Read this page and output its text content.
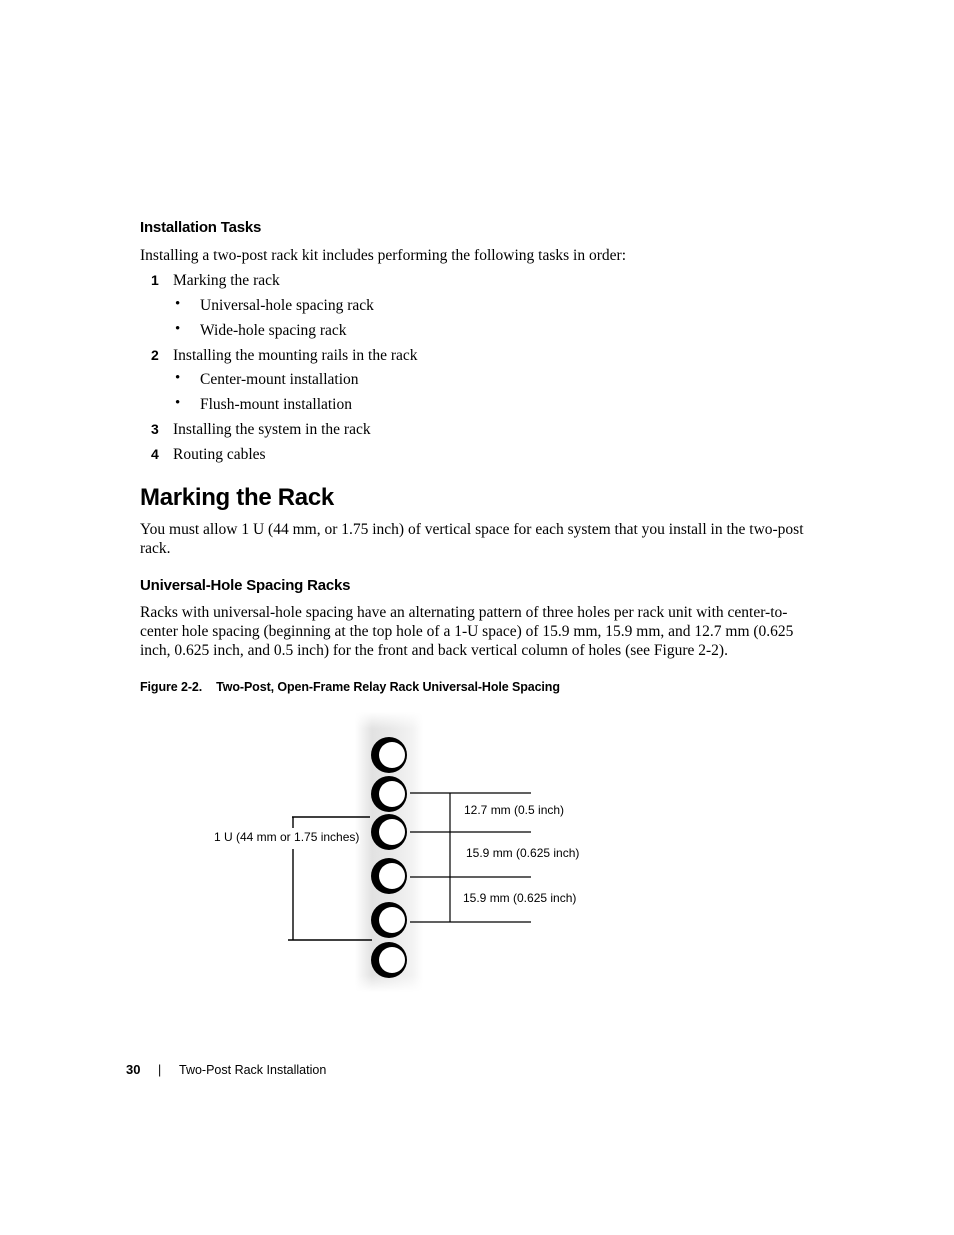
Installation Tasks
Installing a two-post rack kit includes performing the following tasks in order:
1 Marking the rack
• Universal-hole spacing rack
• Wide-hole spacing rack
2 Installing the mounting rails in the rack
• Center-mount installation
• Flush-mount installation
3 Installing the system in the rack
4 Routing cables
Marking the Rack
You must allow 1 U (44 mm, or 1.75 inch) of vertical space for each system that you install in the two-post rack.
Universal-Hole Spacing Racks
Racks with universal-hole spacing have an alternating pattern of three holes per rack unit with center-to-center hole spacing (beginning at the top hole of a 1-U space) of 15.9 mm, 15.9 mm, and 12.7 mm (0.625 inch, 0.625 inch, and 0.5 inch) for the front and back vertical column of holes (see Figure 2-2).
Figure 2-2. Two-Post, Open-Frame Relay Rack Universal-Hole Spacing
1 U (44 mm or 1.75 inches)
12.7 mm (0.5 inch)
15.9 mm (0.625 inch)
15.9 mm (0.625 inch)
30 | Two-Post Rack Installation
